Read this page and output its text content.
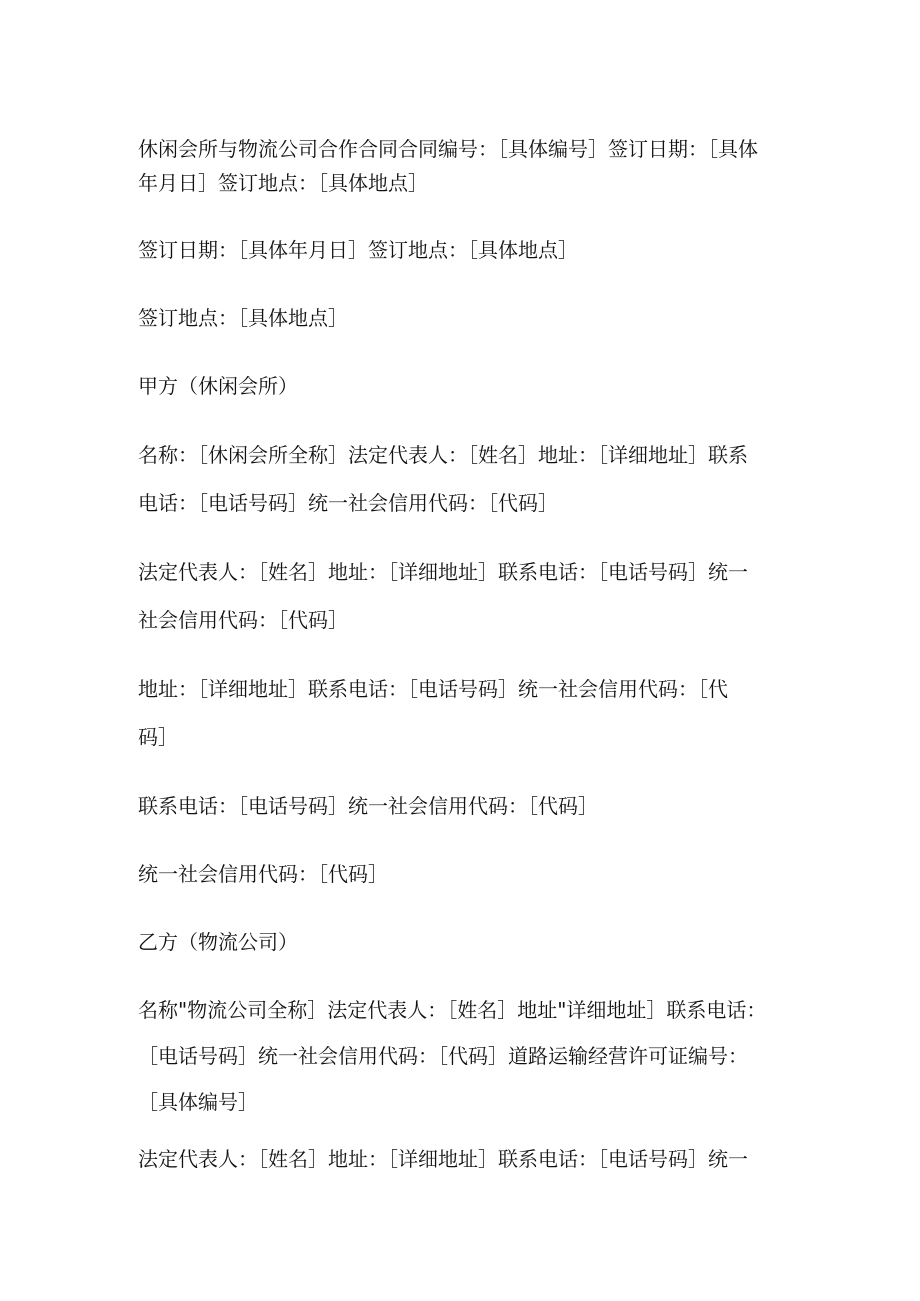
休闲会所与物流公司合作合同合同编号：［具体编号］签订日期：［具体
年月日］签订地点：［具体地点］
签订日期：［具体年月日］签订地点：［具体地点］
签订地点：［具体地点］
甲方（休闲会所）
名称：［休闲会所全称］法定代表人：［姓名］地址：［详细地址］联系
电话：［电话号码］统一社会信用代码：［代码］
法定代表人：［姓名］地址：［详细地址］联系电话：［电话号码］统一
社会信用代码：［代码］
地址：［详细地址］联系电话：［电话号码］统一社会信用代码：［代
码］
联系电话：［电话号码］统一社会信用代码：［代码］
统一社会信用代码：［代码］
乙方（物流公司）
名称"物流公司全称］法定代表人：［姓名］地址"详细地址］联系电话：
［电话号码］统一社会信用代码：［代码］道路运输经营许可证编号：
［具体编号］
法定代表人：［姓名］地址：［详细地址］联系电话：［电话号码］统一
